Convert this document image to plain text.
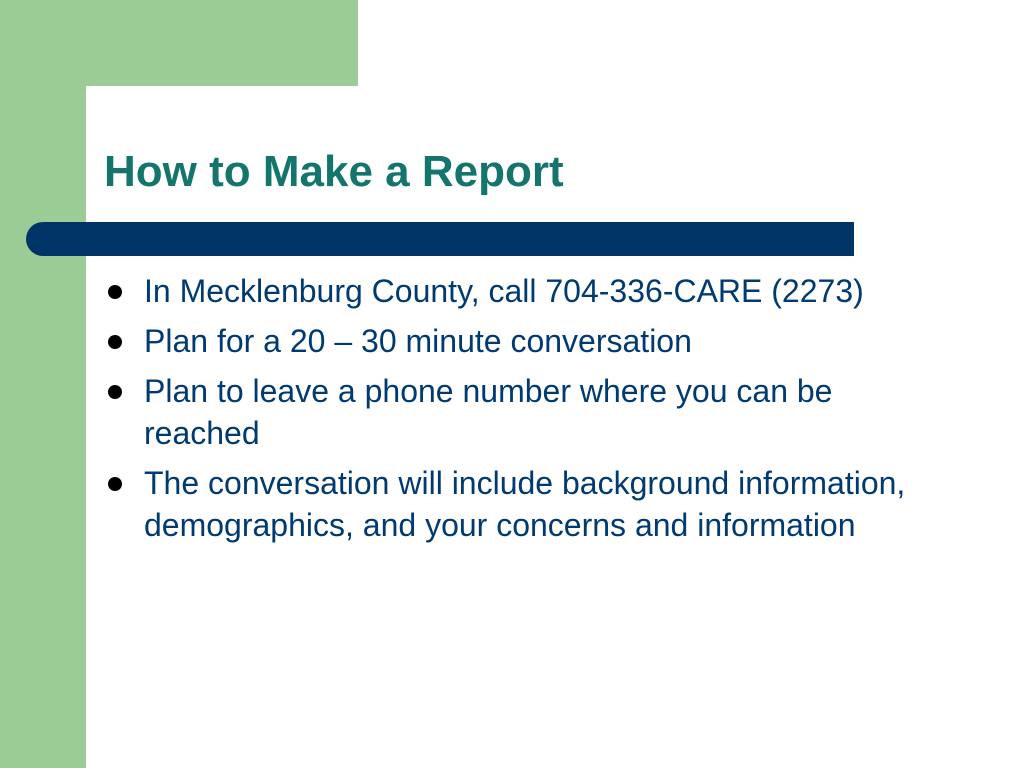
How to Make a Report
In Mecklenburg County, call 704-336-CARE (2273)
Plan for a 20 – 30 minute conversation
Plan to leave a phone number where you can be reached
The conversation will include background information, demographics, and your concerns and information
